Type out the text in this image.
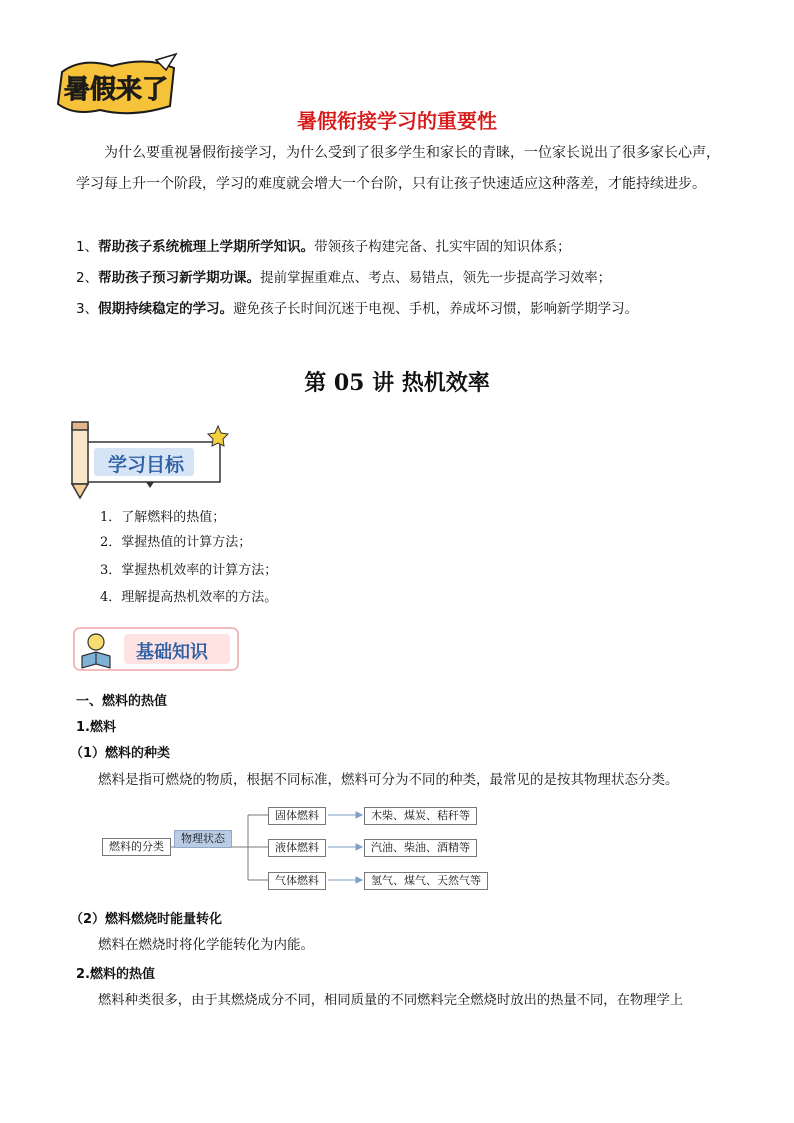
暑假来了
暑假衔接学习的重要性
为什么要重视暑假衔接学习，为什么受到了很多学生和家长的青睐，一位家长说出了很多家长心声，学习每上升一个阶段，学习的难度就会增大一个台阶，只有让孩子快速适应这种落差，才能持续进步。
1、帮助孩子系统梳理上学期所学知识。带领孩子构建完备、扎实牢固的知识体系；
2、帮助孩子预习新学期功课。提前掌握重难点、考点、易错点，领先一步提高学习效率；
3、假期持续稳定的学习。避免孩子长时间沉迷于电视、手机，养成坏习惯，影响新学期学习。
第 05 讲 热机效率
学习目标
1．了解燃料的热值；
2．掌握热值的计算方法；
3．掌握热机效率的计算方法；
4．理解提高热机效率的方法。
基础知识
一、燃料的热值
1.燃料
（1）燃料的种类
燃料是指可燃烧的物质，根据不同标准，燃料可分为不同的种类，最常见的是按其物理状态分类。
燃料的分类
物理状态
固体燃料
液体燃料
气体燃料
木柴、煤炭、秸秆等
汽油、柴油、酒精等
氢气、煤气、天然气等
（2）燃料燃烧时能量转化
燃料在燃烧时将化学能转化为内能。
2.燃料的热值
燃料种类很多，由于其燃烧成分不同，相同质量的不同燃料完全燃烧时放出的热量不同，在物理学上
